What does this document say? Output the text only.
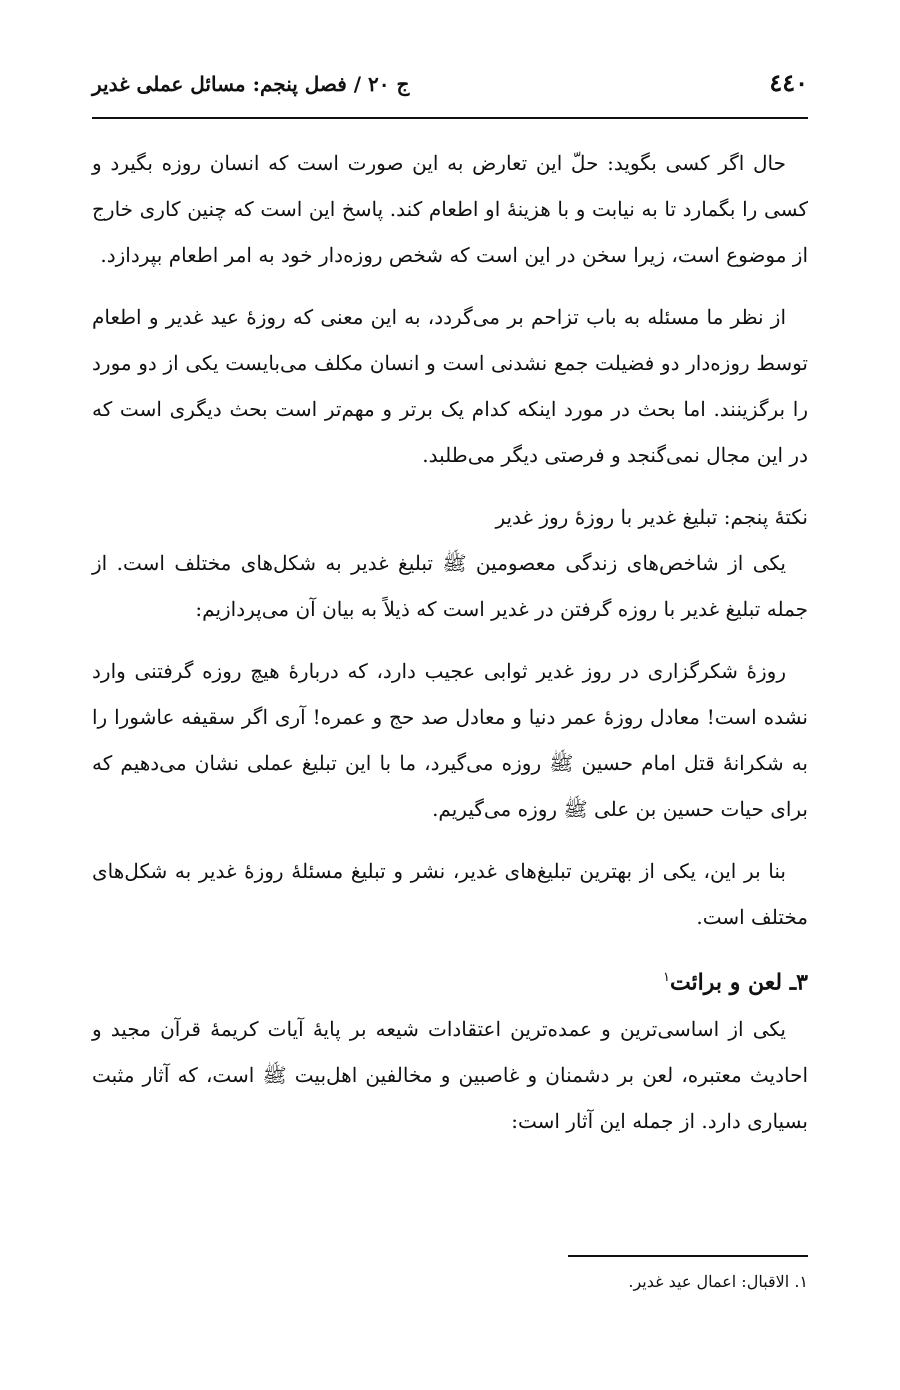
ج ۲۰ / فصل پنجم: مسائل عملی غدیر	٤٤٠

حال اگر کسی بگوید: حلّ این تعارض به این صورت است که انسان روزه بگیرد و کسی را بگمارد تا به نیابت و با هزینهٔ او اطعام کند. پاسخ این است که چنین کاری خارج از موضوع است، زیرا سخن در این است که شخص روزه‌دار خود به امر اطعام بپردازد.

از نظر ما مسئله به باب تزاحم بر می‌گردد، به این معنی که روزهٔ عید غدیر و اطعام توسط روزه‌دار دو فضیلت جمع نشدنی است و انسان مکلف می‌بایست یکی از دو مورد را برگزینند. اما بحث در مورد اینکه کدام یک برتر و مهم‌تر است بحث دیگری است که در این مجال نمی‌گنجد و فرصتی دیگر می‌طلبد.

نکتهٔ پنجم: تبلیغ غدیر با روزهٔ روز غدیر

یکی از شاخص‌های زندگی معصومین ﷺ تبلیغ غدیر به شکل‌های مختلف است. از جمله تبلیغ غدیر با روزه گرفتن در غدیر است که ذیلاً به بیان آن می‌پردازیم:

روزهٔ شکرگزاری در روز غدیر ثوابی عجیب دارد، که دربارهٔ هیچ روزه گرفتنی وارد نشده است! معادل روزهٔ عمر دنیا و معادل صد حج و عمره! آری اگر سقیفه عاشورا را به شکرانهٔ قتل امام حسین ﷺ روزه می‌گیرد، ما با این تبلیغ عملی نشان می‌دهیم که برای حیات حسین بن علی ﷺ روزه می‌گیریم.

بنا بر این، یکی از بهترین تبلیغ‌های غدیر، نشر و تبلیغ مسئلهٔ روزهٔ غدیر به شکل‌های مختلف است.

۳ـ لعن و برائت$^۱$

یکی از اساسی‌ترین و عمده‌ترین اعتقادات شیعه بر پایهٔ آیات کریمهٔ قرآن مجید و احادیث معتبره، لعن بر دشمنان و غاصبین و مخالفین اهل‌بیت ﷺ است، که آثار مثبت بسیاری دارد. از جمله این آثار است:

۱. الاقبال: اعمال عید غدیر.
